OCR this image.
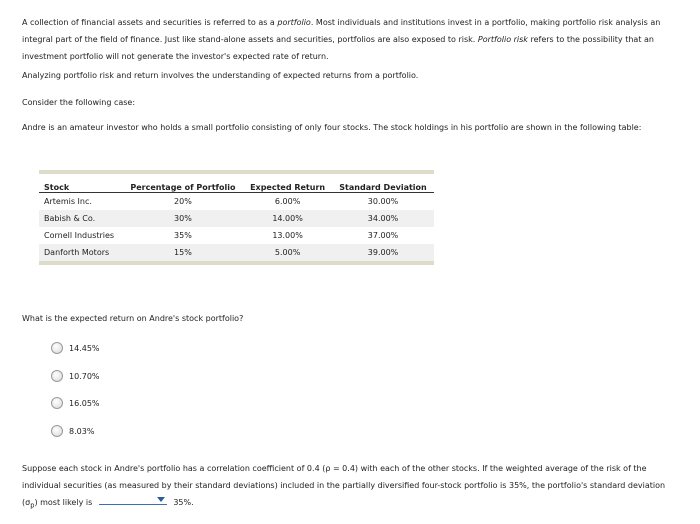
A collection of financial assets and securities is referred to as a portfolio. Most individuals and institutions invest in a portfolio, making portfolio risk analysis an integral part of the field of finance. Just like stand-alone assets and securities, portfolios are also exposed to risk. Portfolio risk refers to the possibility that an investment portfolio will not generate the investor's expected rate of return.

Analyzing portfolio risk and return involves the understanding of expected returns from a portfolio.

Consider the following case:

Andre is an amateur investor who holds a small portfolio consisting of only four stocks. The stock holdings in his portfolio are shown in the following table:

Stock	Percentage of Portfolio	Expected Return	Standard Deviation
Artemis Inc.	20%	6.00%	30.00%
Babish & Co.	30%	14.00%	34.00%
Cornell Industries	35%	13.00%	37.00%
Danforth Motors	15%	5.00%	39.00%

What is the expected return on Andre's stock portfolio?

14.45%
10.70%
16.05%
8.03%

Suppose each stock in Andre's portfolio has a correlation coefficient of 0.4 (ρ = 0.4) with each of the other stocks. If the weighted average of the risk of the individual securities (as measured by their standard deviations) included in the partially diversified four-stock portfolio is 35%, the portfolio's standard deviation $(\sigma_p)$ most likely is	35%.
